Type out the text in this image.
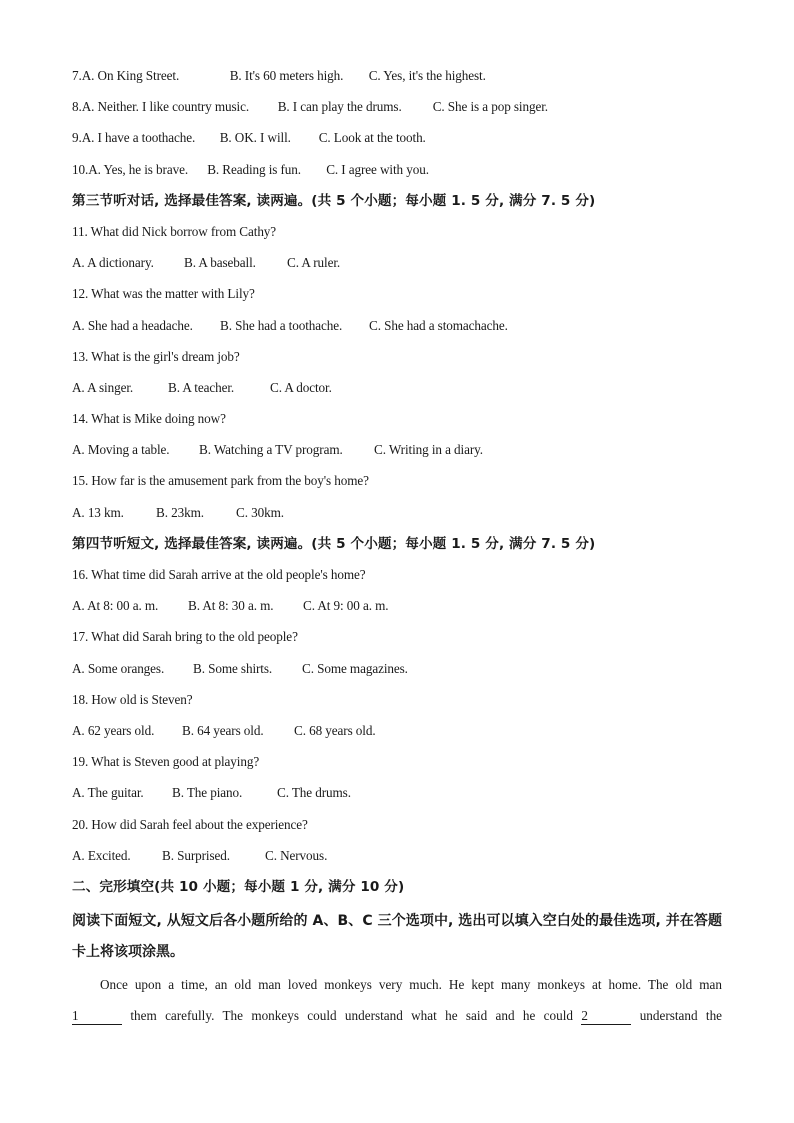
7.A. On King Street.	B. It's 60 meters high. C. Yes, it's the highest.
8.A. Neither. I like country music. B. I can play the drums. C. She is a pop singer.
9.A. I have a toothache. B. OK. I will. C. Look at the tooth.
10.A. Yes, he is brave. B. Reading is fun. C. I agree with you.
第三节听对话, 选择最佳答案, 读两遍。(共 5 个小题；每小题 1. 5 分, 满分 7. 5 分)
11. What did Nick borrow from Cathy?
A. A dictionary. B. A baseball. C. A ruler.
12. What was the matter with Lily?
A. She had a headache. B. She had a toothache. C. She had a stomachache.
13. What is the girl's dream job?
A. A singer.	B. A teacher.	C. A doctor.
14. What is Mike doing now?
A. Moving a table. B. Watching a TV program. C. Writing in a diary.
15. How far is the amusement park from the boy's home?
A. 13 km. B. 23km. C. 30km.
第四节听短文, 选择最佳答案, 读两遍。(共 5 个小题；每小题 1. 5 分, 满分 7. 5 分)
16. What time did Sarah arrive at the old people's home?
A. At 8: 00 a. m. B. At 8: 30 a. m. C. At 9: 00 a. m.
17. What did Sarah bring to the old people?
A. Some oranges. B. Some shirts. C. Some magazines.
18. How old is Steven?
A. 62 years old. B. 64 years old. C. 68 years old.
19. What is Steven good at playing?
A. The guitar. B. The piano.	C. The drums.
20. How did Sarah feel about the experience?
A. Excited. B. Surprised.	C. Nervous.
二、完形填空(共 10 小题；每小题 1 分, 满分 10 分)
阅读下面短文, 从短文后各小题所给的 A、B、C 三个选项中, 选出可以填入空白处的最佳选项, 并在答题卡上将该项涂黑。
Once upon a time, an old man loved monkeys very much. He kept many monkeys at home. The old man
1	them carefully. The monkeys could understand what he said and he could 2	understand the
